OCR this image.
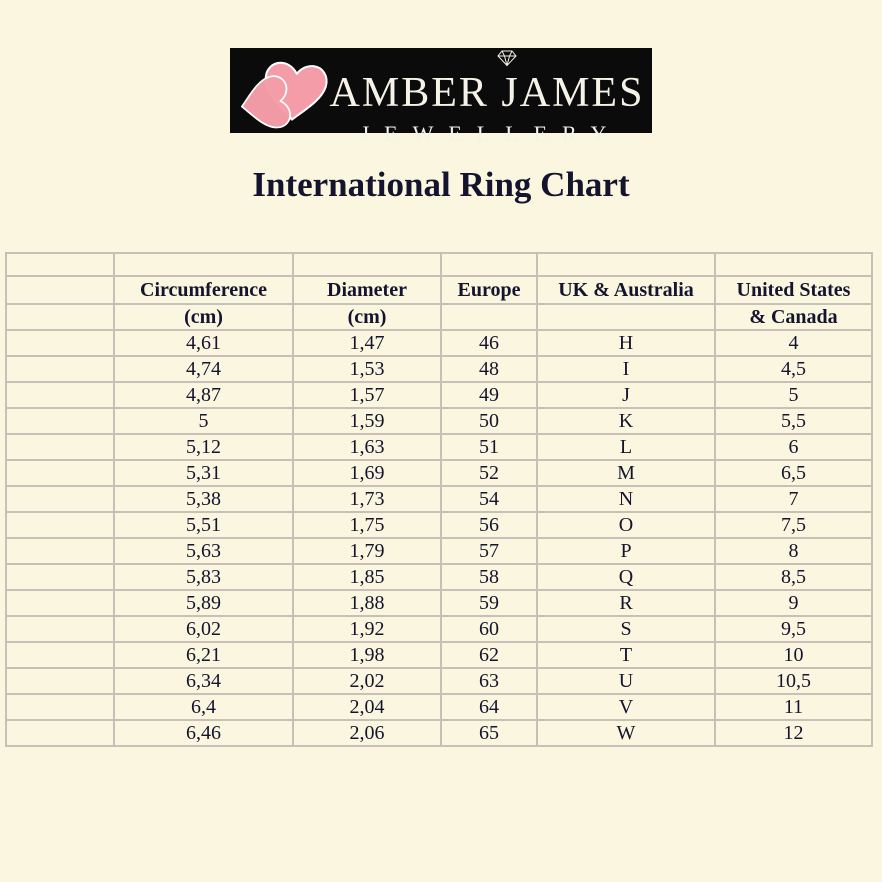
AMBER JAMES
JEWELLERY
International Ring Chart

	Circumference	Diameter	Europe	UK & Australia	United States
	(cm)	(cm)			& Canada
	4,61	1,47	46	H	4
	4,74	1,53	48	I	4,5
	4,87	1,57	49	J	5
	5	1,59	50	K	5,5
	5,12	1,63	51	L	6
	5,31	1,69	52	M	6,5
	5,38	1,73	54	N	7
	5,51	1,75	56	O	7,5
	5,63	1,79	57	P	8
	5,83	1,85	58	Q	8,5
	5,89	1,88	59	R	9
	6,02	1,92	60	S	9,5
	6,21	1,98	62	T	10
	6,34	2,02	63	U	10,5
	6,4	2,04	64	V	11
	6,46	2,06	65	W	12
